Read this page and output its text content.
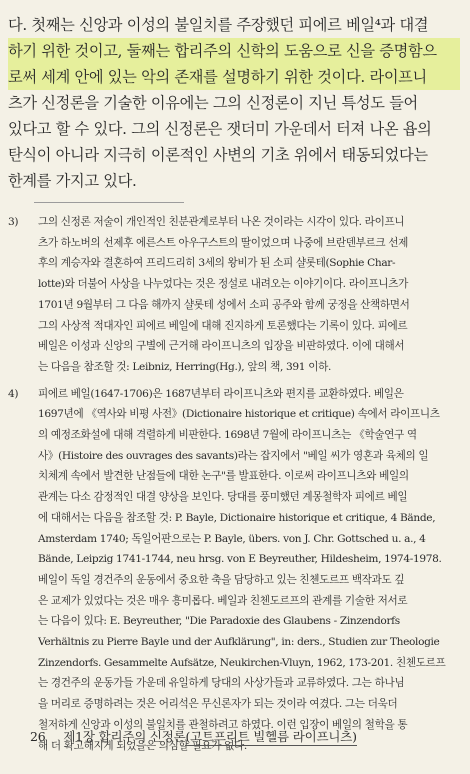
다. 첫째는 신앙과 이성의 불일치를 주장했던 피에르 베일⁴과 대결
하기 위한 것이고, 둘째는 합리주의 신학의 도움으로 신을 증명함으
로써 세계 안에 있는 악의 존재를 설명하기 위한 것이다. 라이프니
츠가 신정론을 기술한 이유에는 그의 신정론이 지닌 특성도 들어
있다고 할 수 있다. 그의 신정론은 잿더미 가운데서 터져 나온 욥의
탄식이 아니라 지극히 이론적인 사변의 기초 위에서 태동되었다는
한계를 가지고 있다.
3) 그의 신정론 저술이 개인적인 친분관계로부터 나온 것이라는 시각이 있다. 라이프니
츠가 하노버의 선제후 에른스트 아우구스트의 딸이었으며 나중에 브란덴부르크 선제
후의 계승자와 결혼하여 프리드리히 3세의 왕비가 된 소피 샬롯테(Sophie Char-
lotte)와 더불어 사상을 나누었다는 것은 정설로 내려오는 이야기이다. 라이프니츠가
1701년 9월부터 그 다음 해까지 샬롯테 성에서 소피 공주와 함께 궁정을 산책하면서
그의 사상적 적대자인 피에르 베일에 대해 진지하게 토론했다는 기록이 있다. 피에르
베일은 이성과 신앙의 구별에 근거해 라이프니츠의 입장을 비판하였다. 이에 대해서
는 다음을 참조할 것: Leibniz, Herring(Hg.), 앞의 책, 391 이하.
4) 피에르 베일(1647-1706)은 1687년부터 라이프니츠와 편지를 교환하였다. 베일은
1697년에 《역사와 비평 사전》(Dictionaire historique et critique) 속에서 라이프니츠
의 예정조화설에 대해 격렬하게 비판한다. 1698년 7월에 라이프니츠는 《학술연구 역
사》(Histoire des ouvrages des savants)라는 잡지에서 "베일 씨가 영혼과 육체의 일
치체계 속에서 발견한 난점들에 대한 논구"를 발표한다. 이로써 라이프니츠와 베일의
관계는 다소 감정적인 대결 양상을 보인다. 당대를 풍미했던 계몽철학자 피에르 베일
에 대해서는 다음을 참조할 것: P. Bayle, Dictionaire historique et critique, 4 Bände,
Amsterdam 1740; 독일어판으로는 P. Bayle, übers. von J. Chr. Gottsched u. a., 4
Bände, Leipzig 1741-1744, neu hrsg. von E Beyreuther, Hildesheim, 1974-1978.
베일이 독일 경건주의 운동에서 중요한 축을 담당하고 있는 친첸도르프 백작과도 깊
은 교제가 있었다는 것은 매우 흥미롭다. 베일과 친첸도르프의 관계를 기술한 저서로
는 다음이 있다: E. Beyreuther, "Die Paradoxie des Glaubens - Zinzendorfs
Verhältnis zu Pierre Bayle und der Aufklärung", in: ders., Studien zur Theologie
Zinzendorfs. Gesammelte Aufsätze, Neukirchen-Vluyn, 1962, 173-201. 친첸도르프
는 경건주의 운동가들 가운데 유일하게 당대의 사상가들과 교류하였다. 그는 하나님
을 머리로 증명하려는 것은 어리석은 무신론자가 되는 것이라 여겼다. 그는 더욱더
철저하게 신앙과 이성의 불일치를 관철하려고 하였다. 이런 입장이 베일의 철학을 통
해 더 확고해지게 되었을은 의심할 필요가 없다.
26 제1장 합리주의 신정론(고트프리트 빌헬름 라이프니츠)
